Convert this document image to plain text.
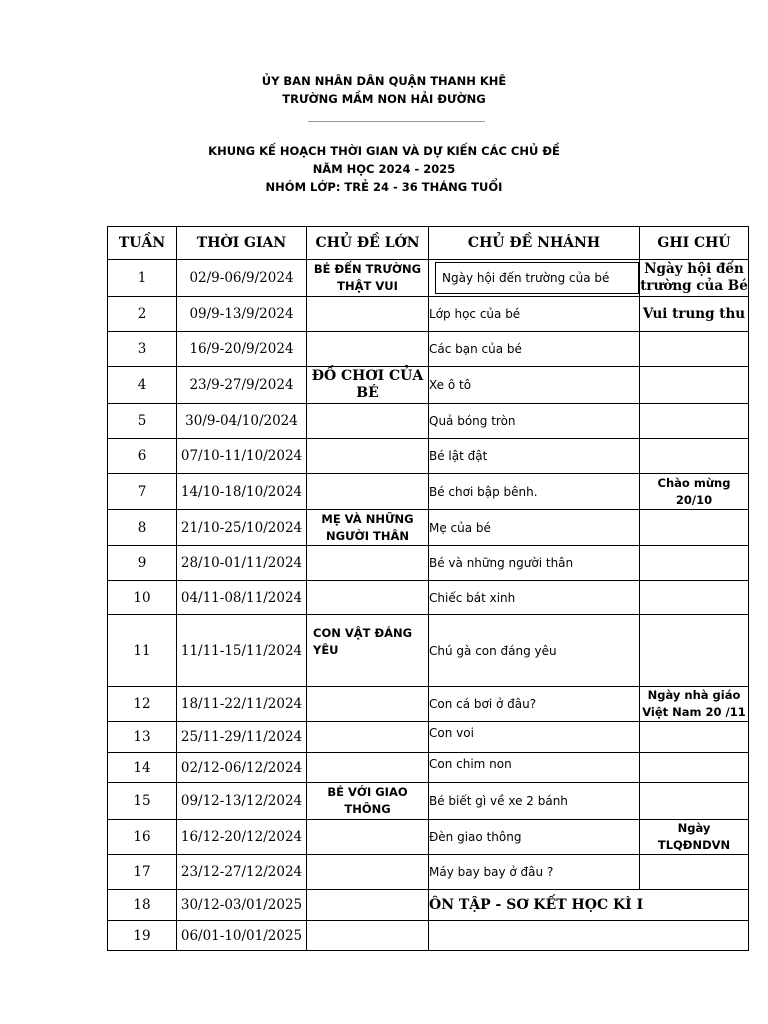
ỦY BAN NHÂN DÂN QUẬN THANH KHÊ
TRƯỜNG MẦM NON HẢI ĐƯỜNG
KHUNG KẾ HOẠCH THỜI GIAN VÀ DỰ KIẾN CÁC CHỦ ĐỀ
NĂM HỌC 2024 - 2025
NHÓM LỚP: TRẺ 24 - 36 THÁNG TUỔI
TUẦN	THỜI GIAN	CHỦ ĐỀ LỚN	CHỦ ĐỀ NHÁNH	GHI CHÚ
1	02/9-06/9/2024	BÉ ĐẾN TRƯỜNG THẬT VUI	Ngày hội đến trường của bé	Ngày hội đến trường của Bé
2	09/9-13/9/2024		Lớp học của bé	Vui trung thu
3	16/9-20/9/2024		Các bạn của bé	
4	23/9-27/9/2024	ĐỒ CHƠI CỦA BÉ	Xe ô tô	
5	30/9-04/10/2024		Quả bóng tròn	
6	07/10-11/10/2024		Bé lật đật	
7	14/10-18/10/2024		Bé chơi bập bênh.	Chào mừng 20/10
8	21/10-25/10/2024	MẸ VÀ NHỮNG NGƯỜI THÂN	Mẹ của bé	
9	28/10-01/11/2024		Bé và những người thân	
10	04/11-08/11/2024		Chiếc bát xinh	
11	11/11-15/11/2024	CON VẬT ĐÁNG YÊU	Chú gà con đáng yêu	
12	18/11-22/11/2024		Con cá bơi ở đâu?	Ngày nhà giáo Việt Nam 20 /11
13	25/11-29/11/2024		Con voi	
14	02/12-06/12/2024		Con chim non	
15	09/12-13/12/2024	BÉ VỚI GIAO THÔNG	Bé biết gì về xe 2 bánh	
16	16/12-20/12/2024		Đèn giao thông	Ngày TLQĐNDVN
17	23/12-27/12/2024		Máy bay bay ở đâu ?	
18	30/12-03/01/2025		ÔN TẬP - SƠ KẾT HỌC KÌ I	
19	06/01-10/01/2025			
